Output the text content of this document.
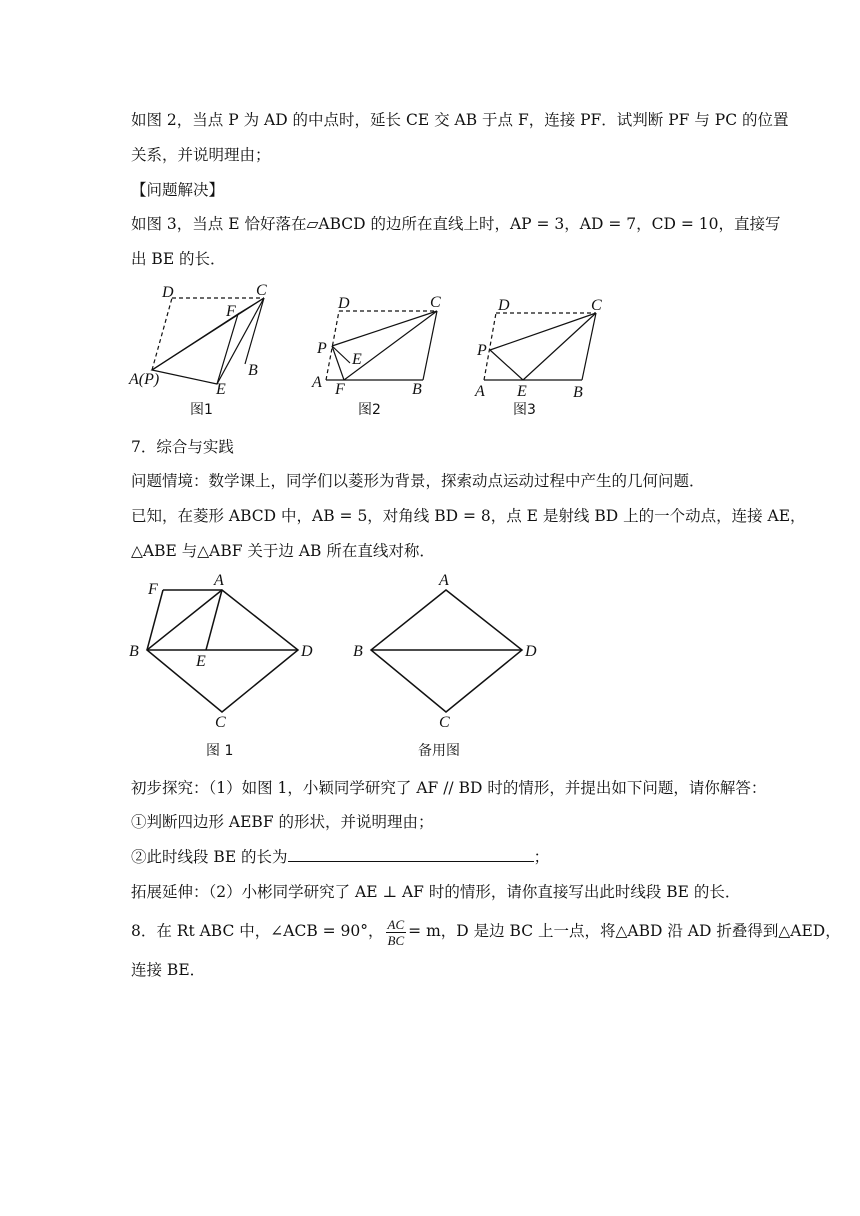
如图 2，当点 P 为 AD 的中点时，延长 CE 交 AB 于点 F，连接 PF．试判断 PF 与 PC 的位置
关系，并说明理由；
【问题解决】
如图 3，当点 E 恰好落在▱ABCD 的边所在直线上时，AP = 3，AD = 7，CD = 10，直接写
出 BE 的长．
D	C
F
A(P)
E
B
图1
D	C
P
E
A F	B
图2
D	C
P
A E	B
图3
7．综合与实践
问题情境：数学课上，同学们以菱形为背景，探索动点运动过程中产生的几何问题．
已知，在菱形 ABCD 中，AB = 5，对角线 BD = 8，点 E 是射线 BD 上的一个动点，连接 AE，
△ABE 与△ABF 关于边 AB 所在直线对称．
F
A
B
E
D
C
图 1
A
B	D
C
备用图
初步探究：（1）如图 1，小颖同学研究了 AF // BD 时的情形，并提出如下问题，请你解答：
①判断四边形 AEBF 的形状，并说明理由；
②此时线段 BE 的长为	；
拓展延伸：（2）小彬同学研究了 AE ⊥ AF 时的情形，请你直接写出此时线段 BE 的长．
8．在 Rt ABC 中，∠ACB = 90°， $\frac{AC}{BC} = m$，D 是边 BC 上一点，将△ABD 沿 AD 折叠得到△AED，
连接 BE．
